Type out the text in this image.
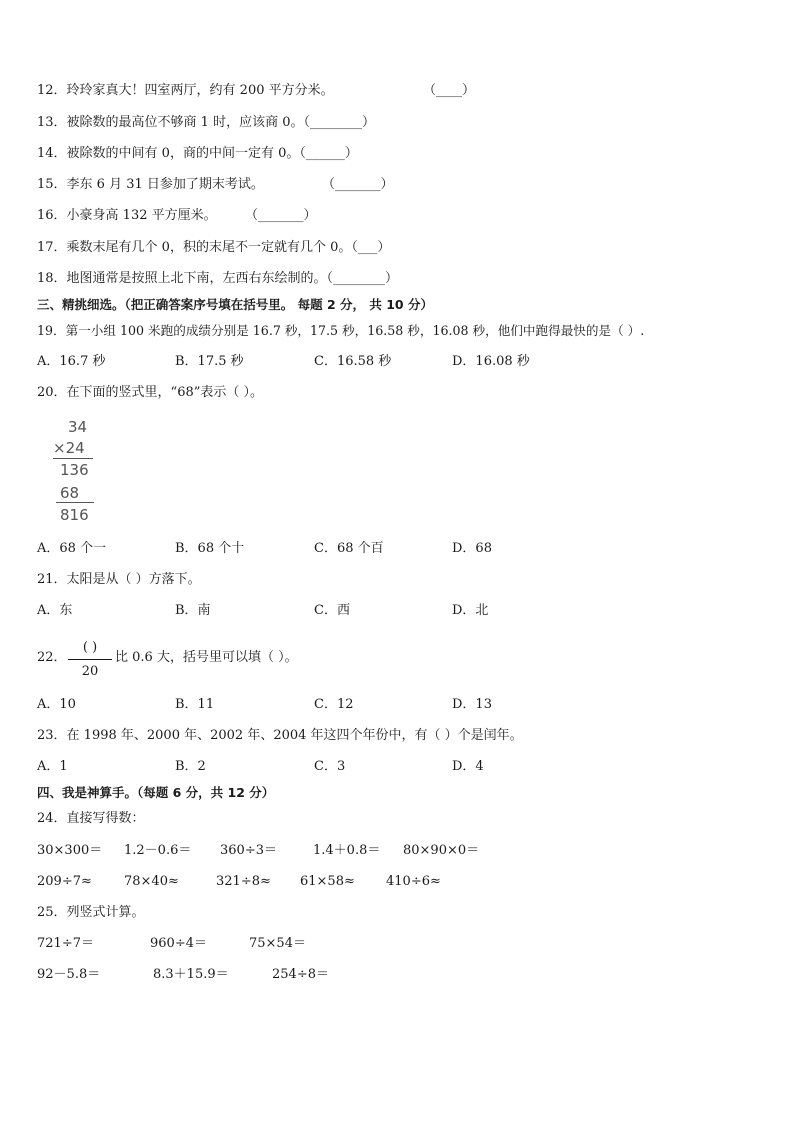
12．玲玲家真大！四室两厅，约有 200 平方分米。	（____）
13．被除数的最高位不够商 1 时，应该商 0。（________）
14．被除数的中间有 0，商的中间一定有 0。（______）
15．李东 6 月 31 日参加了期末考试。	（_______）
16．小豪身高 132 平方厘米。 （_______）
17．乘数末尾有几个 0，积的末尾不一定就有几个 0。（___）
18．地图通常是按照上北下南，左西右东绘制的。（________）
三、精挑细选。（把正确答案序号填在括号里。 每题 2 分， 共 10 分）
19．第一小组 100 米跑的成绩分别是 16.7 秒，17.5 秒，16.58 秒，16.08 秒，他们中跑得最快的是（ ）.
A．16.7 秒	B．17.5 秒	C．16.58 秒	D．16.08 秒
20．在下面的竖式里，“68”表示（ ）。
34
×24
136
68
816
A．68 个一	B．68 个十	C．68 个百	D．68
21．太阳是从（ ）方落下。
A．东	B．南	C．西	D．北
22．
( )
20
比 0.6 大，括号里可以填（ ）。
A．10	B．11	C．12	D．13
23．在 1998 年、2000 年、2002 年、2004 年这四个年份中，有（ ）个是闰年。
A．1	B．2	C．3	D．4
四、我是神算手。（每题 6 分，共 12 分）
24．直接写得数：
30×300＝ 1.2－0.6＝ 360÷3＝	1.4＋0.8＝ 80×90×0＝
209÷7≈ 78×40≈	321÷8≈ 61×58≈ 410÷6≈
25．列竖式计算。
721÷7＝	960÷4＝	75×54＝
92－5.8＝	8.3＋15.9＝	254÷8＝
